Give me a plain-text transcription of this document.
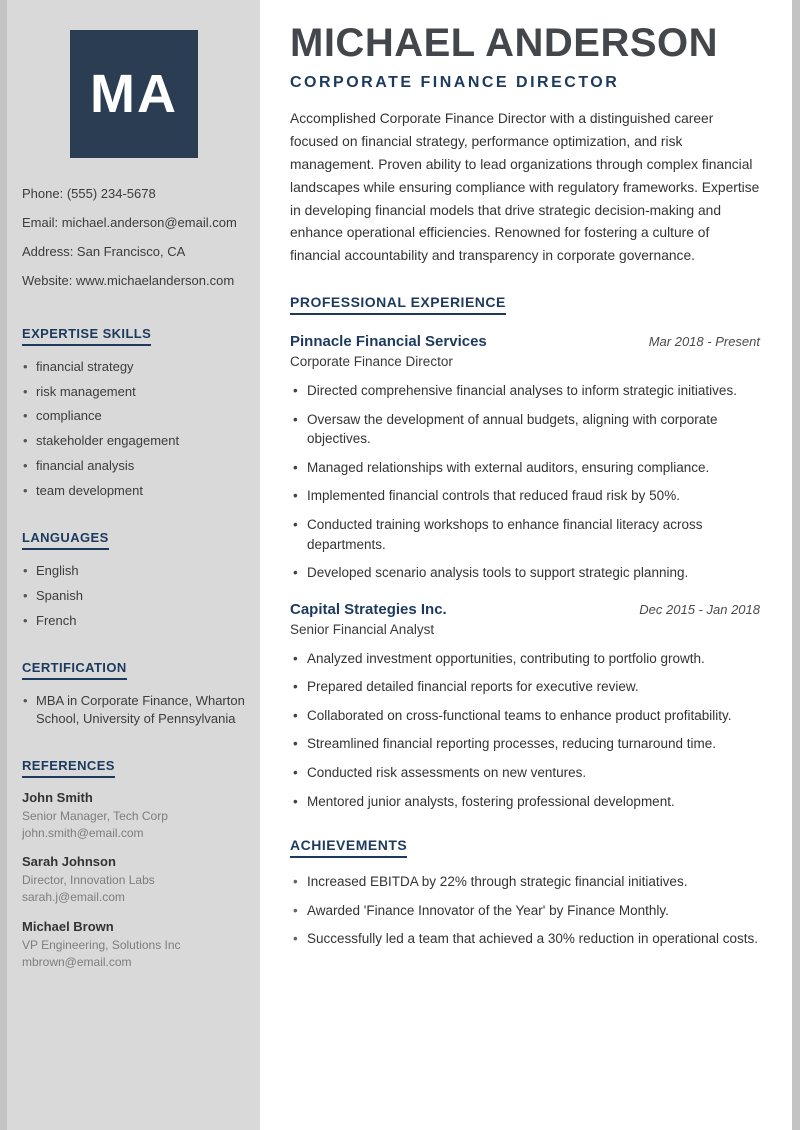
MA
Phone: (555) 234-5678
Email: michael.anderson@email.com
Address: San Francisco, CA
Website: www.michaelanderson.com
EXPERTISE SKILLS
• financial strategy
• risk management
• compliance
• stakeholder engagement
• financial analysis
• team development
LANGUAGES
• English
• Spanish
• French
CERTIFICATION
• MBA in Corporate Finance, Wharton School, University of Pennsylvania
REFERENCES
John Smith
Senior Manager, Tech Corp
john.smith@email.com
Sarah Johnson
Director, Innovation Labs
sarah.j@email.com
Michael Brown
VP Engineering, Solutions Inc
mbrown@email.com
MICHAEL ANDERSON
CORPORATE FINANCE DIRECTOR

Accomplished Corporate Finance Director with a distinguished career focused on financial strategy, performance optimization, and risk management. Proven ability to lead organizations through complex financial landscapes while ensuring compliance with regulatory frameworks. Expertise in developing financial models that drive strategic decision-making and enhance operational efficiencies. Renowned for fostering a culture of financial accountability and transparency in corporate governance.

PROFESSIONAL EXPERIENCE
Pinnacle Financial Services	Mar 2018 - Present
Corporate Finance Director
• Directed comprehensive financial analyses to inform strategic initiatives.
• Oversaw the development of annual budgets, aligning with corporate objectives.
• Managed relationships with external auditors, ensuring compliance.
• Implemented financial controls that reduced fraud risk by 50%.
• Conducted training workshops to enhance financial literacy across departments.
• Developed scenario analysis tools to support strategic planning.
Capital Strategies Inc.	Dec 2015 - Jan 2018
Senior Financial Analyst
• Analyzed investment opportunities, contributing to portfolio growth.
• Prepared detailed financial reports for executive review.
• Collaborated on cross-functional teams to enhance product profitability.
• Streamlined financial reporting processes, reducing turnaround time.
• Conducted risk assessments on new ventures.
• Mentored junior analysts, fostering professional development.
ACHIEVEMENTS
• Increased EBITDA by 22% through strategic financial initiatives.
• Awarded 'Finance Innovator of the Year' by Finance Monthly.
• Successfully led a team that achieved a 30% reduction in operational costs.
